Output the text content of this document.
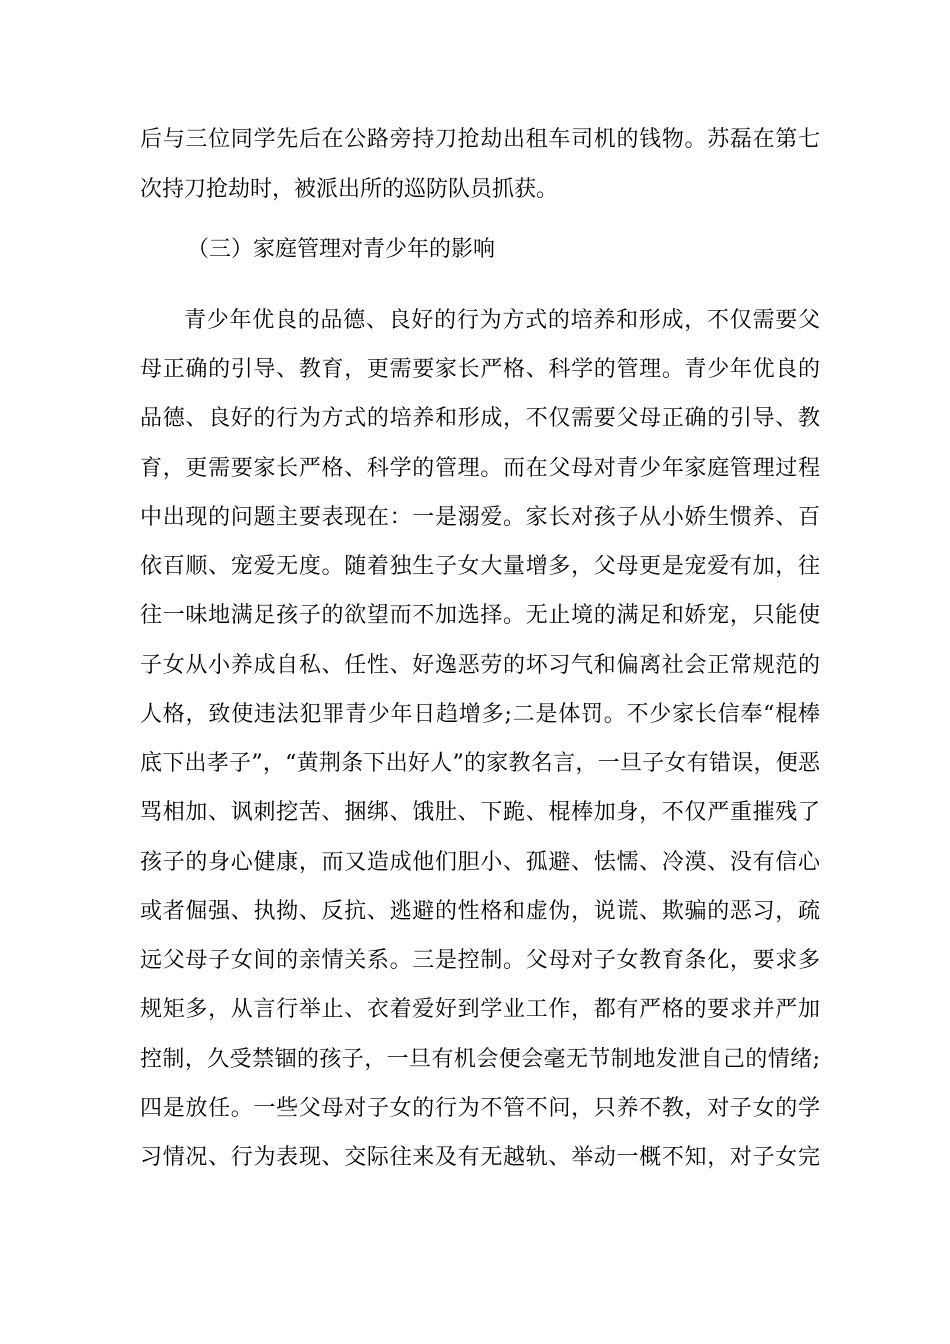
后与三位同学先后在公路旁持刀抢劫出租车司机的钱物。苏磊在第七
次持刀抢劫时，被派出所的巡防队员抓获。
（三）家庭管理对青少年的影响
青少年优良的品德、良好的行为方式的培养和形成，不仅需要父
母正确的引导、教育，更需要家长严格、科学的管理。青少年优良的
品德、良好的行为方式的培养和形成，不仅需要父母正确的引导、教
育，更需要家长严格、科学的管理。而在父母对青少年家庭管理过程
中出现的问题主要表现在：一是溺爱。家长对孩子从小娇生惯养、百
依百顺、宠爱无度。随着独生子女大量增多，父母更是宠爱有加，往
往一味地满足孩子的欲望而不加选择。无止境的满足和娇宠，只能使
子女从小养成自私、任性、好逸恶劳的坏习气和偏离社会正常规范的
人格，致使违法犯罪青少年日趋增多;二是体罚。不少家长信奉“棍棒
底下出孝子”，“黄荆条下出好人”的家教名言，一旦子女有错误，便恶
骂相加、讽刺挖苦、捆绑、饿肚、下跪、棍棒加身，不仅严重摧残了
孩子的身心健康，而又造成他们胆小、孤避、怯懦、冷漠、没有信心
或者倔强、执拗、反抗、逃避的性格和虚伪，说谎、欺骗的恶习，疏
远父母子女间的亲情关系。三是控制。父母对子女教育条化，要求多
规矩多，从言行举止、衣着爱好到学业工作，都有严格的要求并严加
控制，久受禁锢的孩子，一旦有机会便会毫无节制地发泄自己的情绪;
四是放任。一些父母对子女的行为不管不问，只养不教，对子女的学
习情况、行为表现、交际往来及有无越轨、举动一概不知，对子女完
